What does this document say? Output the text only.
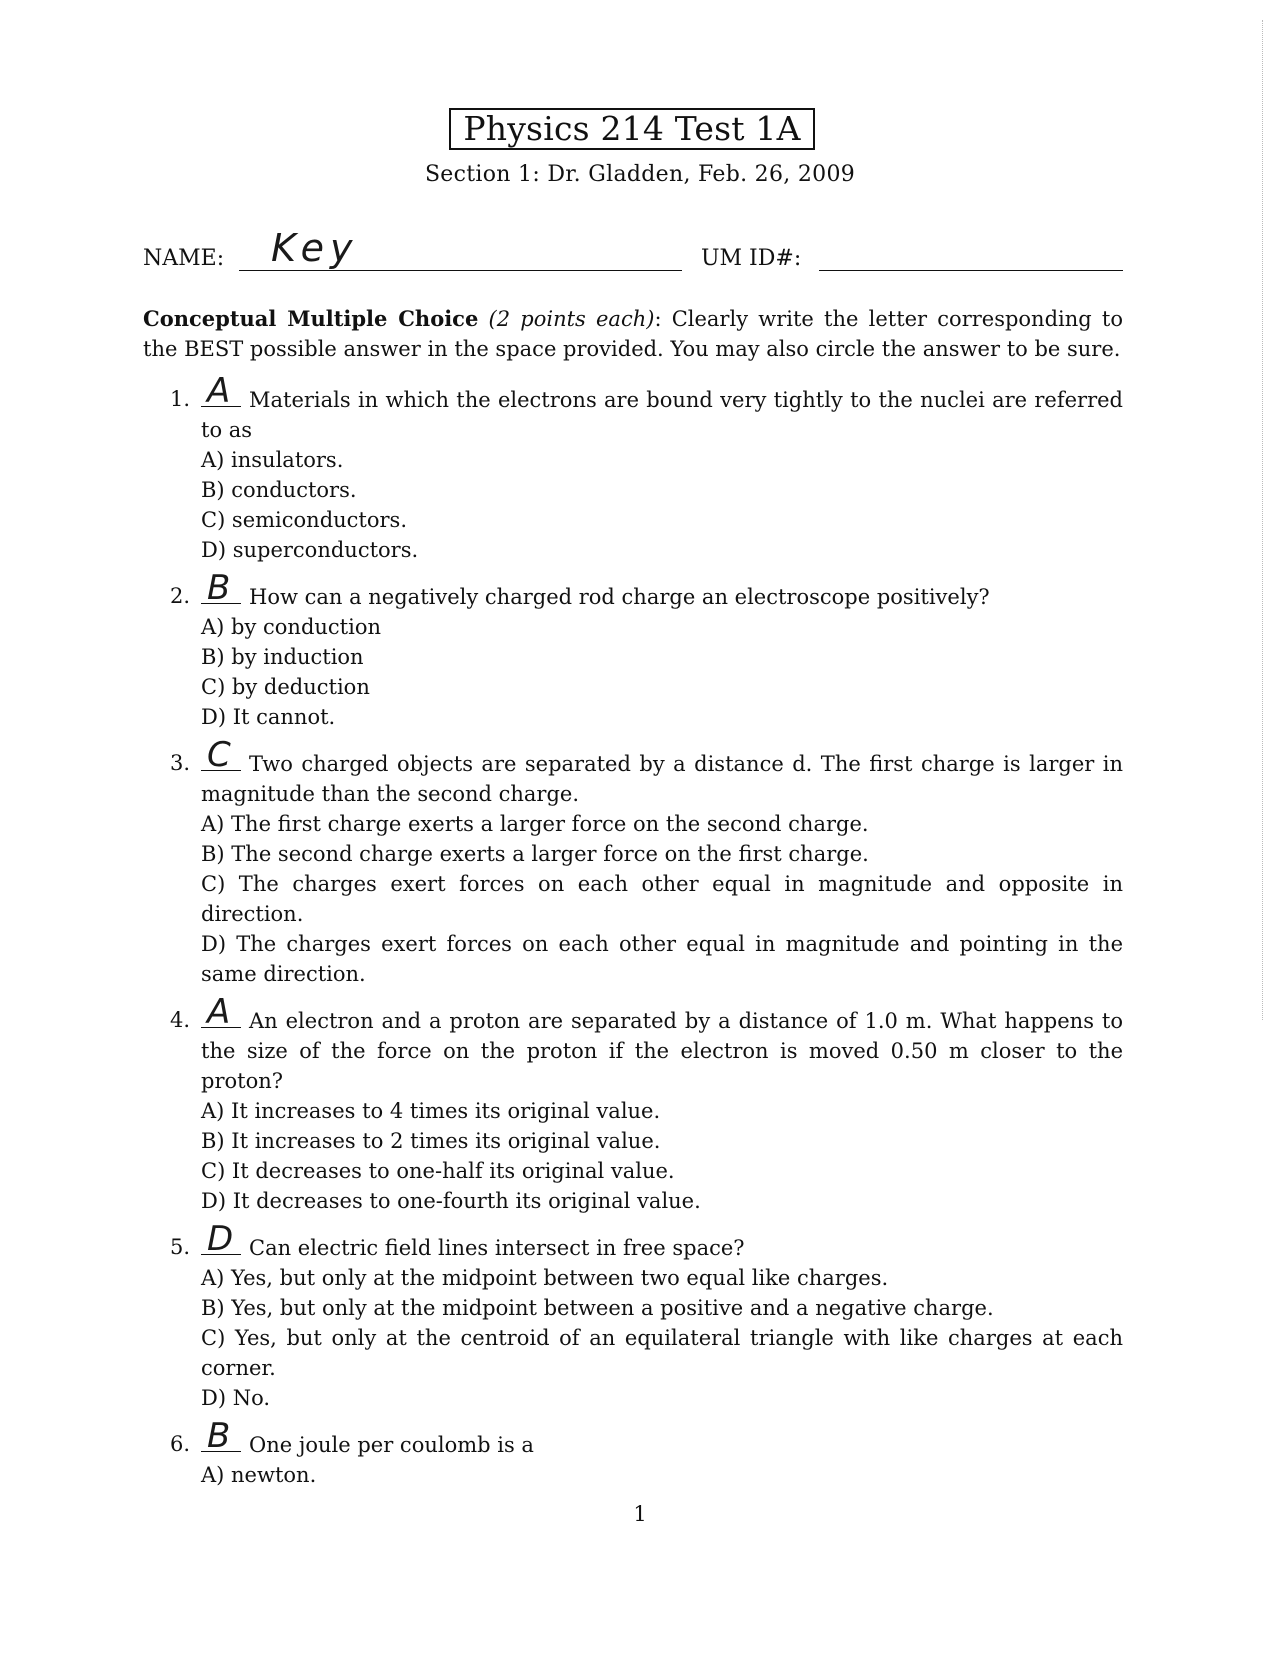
Physics 214 Test 1A
Section 1: Dr. Gladden, Feb. 26, 2009
NAME: Key	UM ID#:
Conceptual Multiple Choice (2 points each): Clearly write the letter corresponding to the BEST possible answer in the space provided. You may also circle the answer to be sure.
1. A Materials in which the electrons are bound very tightly to the nuclei are referred to as
A) insulators.
B) conductors.
C) semiconductors.
D) superconductors.
2. B How can a negatively charged rod charge an electroscope positively?
A) by conduction
B) by induction
C) by deduction
D) It cannot.
3. C Two charged objects are separated by a distance d. The first charge is larger in magnitude than the second charge.
A) The first charge exerts a larger force on the second charge.
B) The second charge exerts a larger force on the first charge.
C) The charges exert forces on each other equal in magnitude and opposite in direction.
D) The charges exert forces on each other equal in magnitude and pointing in the same direction.
4. A An electron and a proton are separated by a distance of 1.0 m. What happens to the size of the force on the proton if the electron is moved 0.50 m closer to the proton?
A) It increases to 4 times its original value.
B) It increases to 2 times its original value.
C) It decreases to one-half its original value.
D) It decreases to one-fourth its original value.
5. D Can electric field lines intersect in free space?
A) Yes, but only at the midpoint between two equal like charges.
B) Yes, but only at the midpoint between a positive and a negative charge.
C) Yes, but only at the centroid of an equilateral triangle with like charges at each corner.
D) No.
6. B One joule per coulomb is a
A) newton.
1
